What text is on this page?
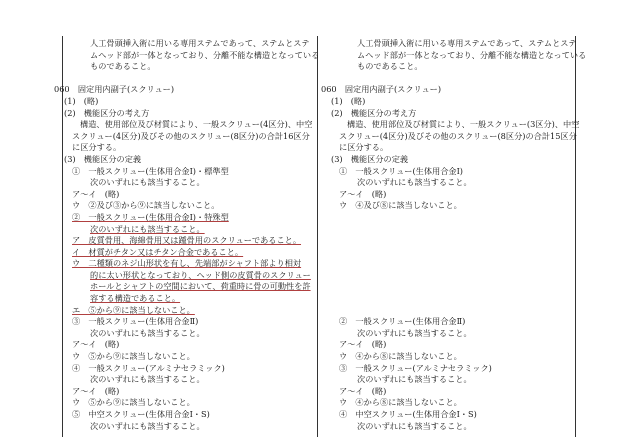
人工骨頭挿入術に用いる専用ステムであって、ステムとステ
ムヘッド部が一体となっており、分離不能な構造となっている
ものであること。
060　固定用内副子(スクリュー)
(1)　(略)
(2)　機能区分の考え方
構造、使用部位及び材質により、一般スクリュー(4区分)、中空
スクリュー(4区分)及びその他のスクリュー(8区分)の合計16区分
に区分する。
(3)　機能区分の定義
①　一般スクリュー(生体用合金Ⅰ)・標準型
次のいずれにも該当すること。
ア～イ　(略)
ウ　②及び③から⑨に該当しないこと。
②　一般スクリュー(生体用合金Ⅰ)・特殊型
次のいずれにも該当すること。
ア　皮質骨用、海綿骨用又は踵骨用のスクリューであること。
イ　材質がチタン又はチタン合金であること。
ウ　二種類のネジ山形状を有し、先端部がシャフト部より相対
的に太い形状となっており、ヘッド側の皮質骨のスクリュー
ホールとシャフトの空間において、荷重時に骨の可動性を許
容する構造であること。
エ　⑤から⑨に該当しないこと。
③　一般スクリュー(生体用合金Ⅱ)
次のいずれにも該当すること。
ア～イ　(略)
ウ　⑤から⑨に該当しないこと。
④　一般スクリュー(アルミナセラミック)
次のいずれにも該当すること。
ア～イ　(略)
ウ　⑤から⑨に該当しないこと。
⑤　中空スクリュー(生体用合金Ⅰ・S)
次のいずれにも該当すること。
人工骨頭挿入術に用いる専用ステムであって、ステムとステ
ムヘッド部が一体となっており、分離不能な構造となっている
ものであること。
060　固定用内副子(スクリュー)
(1)　(略)
(2)　機能区分の考え方
構造、使用部位及び材質により、一般スクリュー(3区分)、中空
スクリュー(4区分)及びその他のスクリュー(8区分)の合計15区分
に区分する。
(3)　機能区分の定義
①　一般スクリュー(生体用合金Ⅰ)
次のいずれにも該当すること。
ア～イ　(略)
ウ　④及び⑧に該当しないこと。
②　一般スクリュー(生体用合金Ⅱ)
次のいずれにも該当すること。
ア～イ　(略)
ウ　④から⑧に該当しないこと。
③　一般スクリュー(アルミナセラミック)
次のいずれにも該当すること。
ア～イ　(略)
ウ　④から⑧に該当しないこと。
④　中空スクリュー(生体用合金Ⅰ・S)
次のいずれにも該当すること。
